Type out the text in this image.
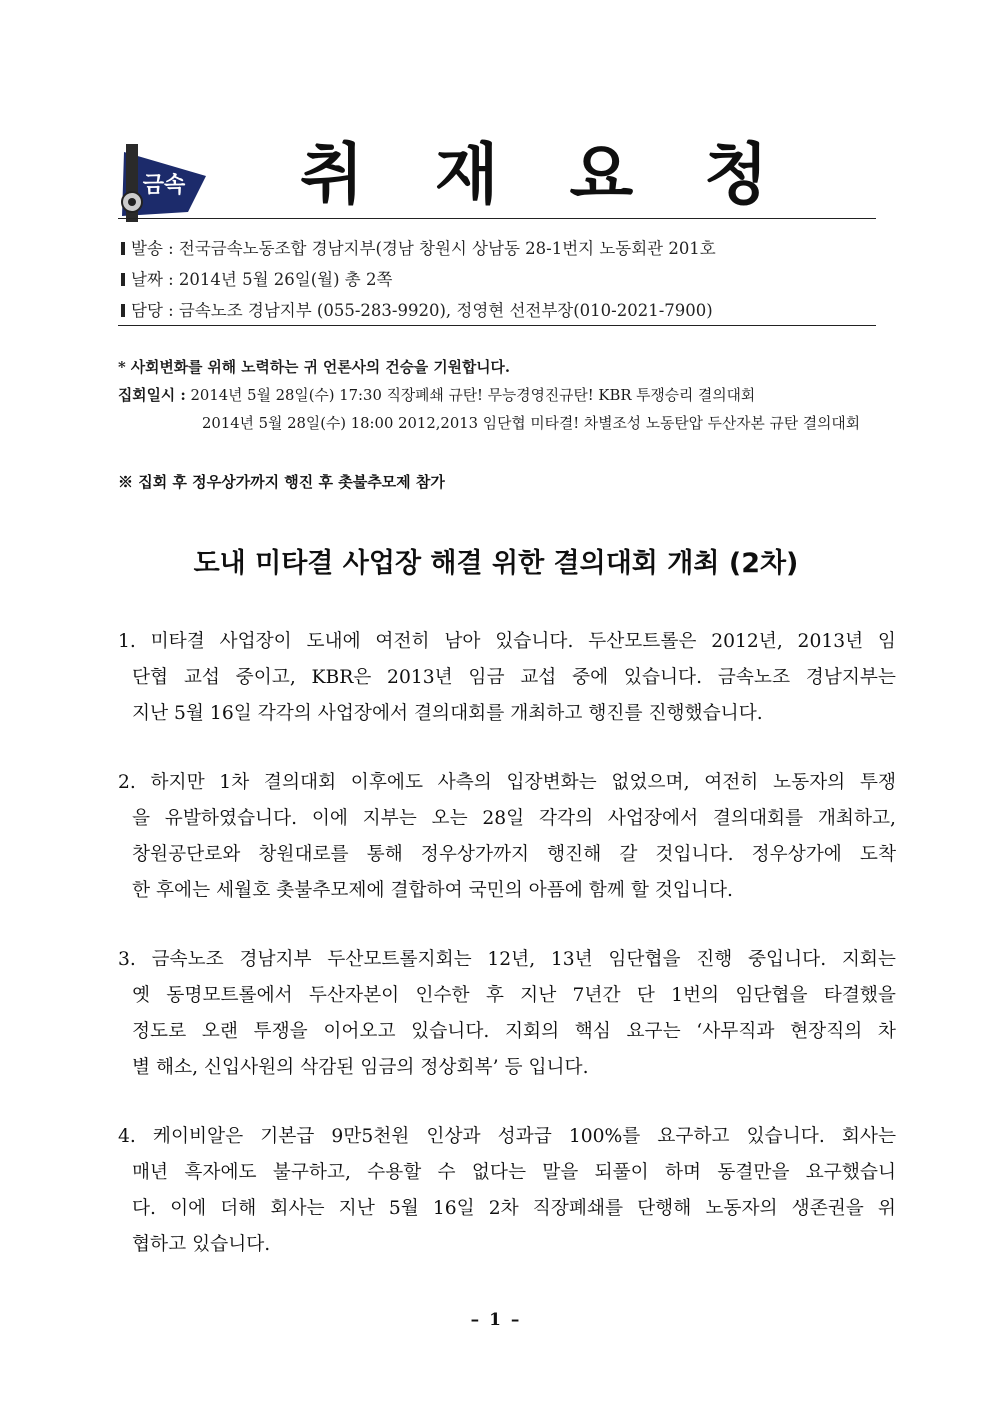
금속 취 재 요 청
발송 : 전국금속노동조합 경남지부(경남 창원시 상남동 28-1번지 노동회관 201호
날짜 : 2014년 5월 26일(월) 총 2쪽
담당 : 금속노조 경남지부 (055-283-9920), 정영현 선전부장(010-2021-7900)
* 사회변화를 위해 노력하는 귀 언론사의 건승을 기원합니다.
집회일시 : 2014년 5월 28일(수) 17:30 직장폐쇄 규탄! 무능경영진규탄! KBR 투쟁승리 결의대회
2014년 5월 28일(수) 18:00 2012,2013 임단협 미타결! 차별조성 노동탄압 두산자본 규탄 결의대회
※ 집회 후 정우상가까지 행진 후 촛불추모제 참가
도내 미타결 사업장 해결 위한 결의대회 개최 (2차)
1. 미타결 사업장이 도내에 여전히 남아 있습니다. 두산모트롤은 2012년, 2013년 임
단협 교섭 중이고, KBR은 2013년 임금 교섭 중에 있습니다. 금속노조 경남지부는
지난 5월 16일 각각의 사업장에서 결의대회를 개최하고 행진를 진행했습니다.
2. 하지만 1차 결의대회 이후에도 사측의 입장변화는 없었으며, 여전히 노동자의 투쟁
을 유발하였습니다. 이에 지부는 오는 28일 각각의 사업장에서 결의대회를 개최하고,
창원공단로와 창원대로를 통해 정우상가까지 행진해 갈 것입니다. 정우상가에 도착
한 후에는 세월호 촛불추모제에 결합하여 국민의 아픔에 함께 할 것입니다.
3. 금속노조 경남지부 두산모트롤지회는 12년, 13년 임단협을 진행 중입니다. 지회는
옛 동명모트롤에서 두산자본이 인수한 후 지난 7년간 단 1번의 임단협을 타결했을
정도로 오랜 투쟁을 이어오고 있습니다. 지회의 핵심 요구는 ‘사무직과 현장직의 차
별 해소, 신입사원의 삭감된 임금의 정상회복’ 등 입니다.
4. 케이비알은 기본급 9만5천원 인상과 성과급 100%를 요구하고 있습니다. 회사는
매년 흑자에도 불구하고, 수용할 수 없다는 말을 되풀이 하며 동결만을 요구했습니
다. 이에 더해 회사는 지난 5월 16일 2차 직장폐쇄를 단행해 노동자의 생존권을 위
협하고 있습니다.
– 1 –
